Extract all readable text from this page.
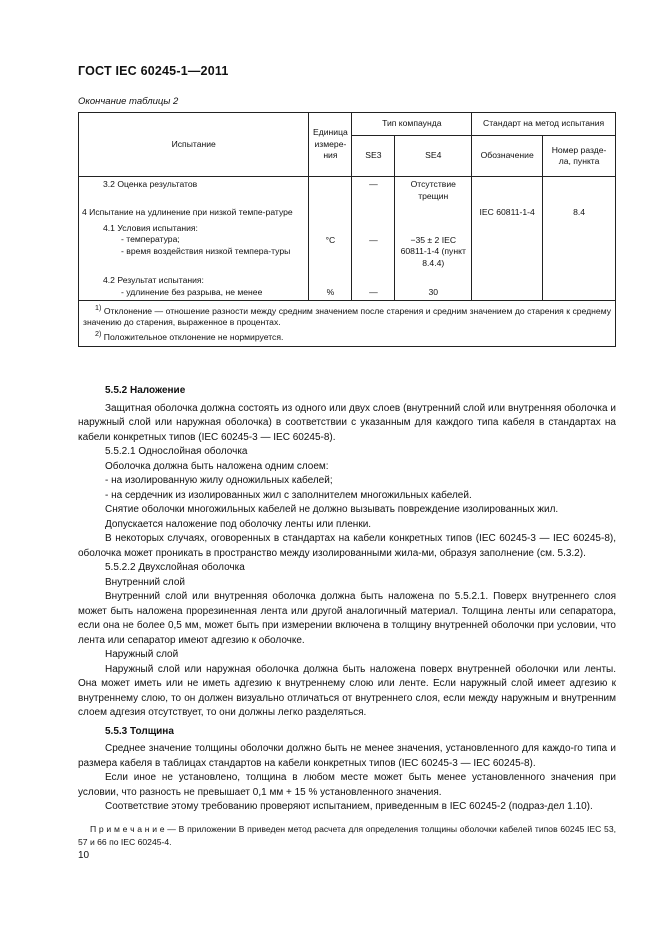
ГОСТ IEC 60245-1—2011
Окончание таблицы 2
Испытание	Единица измере-ния	Тип компаунда		Стандарт на метод испытания	
		SE3	SE4	Обозначение	Номер разде-ла, пункта
3.2 Оценка результатов		—	Отсутствие трещин		
4 Испытание на удлинение при низкой темпе-ратуре				IEC 60811-1-4	8.4

4.1 Условия испытания:
- температура;
- время воздействия низкой темпера-туры	°C	—	−35 ± 2 IEC 60811-1-4 (пункт 8.4.4)		

4.2 Результат испытания:
- удлинение без разрыва, не менее	%	—	30		

$^{1)}$ Отклонение — отношение разности между средним значением после старения и средним значением до старения к среднему значению до старения, выраженное в процентах.
$^{2)}$ Положительное отклонение не нормируется.					

5.5.2 Наложение

Защитная оболочка должна состоять из одного или двух слоев (внутренний слой или внутренняя оболочка и наружный слой или наружная оболочка) в соответствии с указанным для каждого типа кабеля в стандартах на кабели конкретных типов (IEC 60245-3 — IEC 60245-8).

5.5.2.1 Однослойная оболочка

Оболочка должна быть наложена одним слоем:

- на изолированную жилу одножильных кабелей;

- на сердечник из изолированных жил с заполнителем многожильных кабелей.

Снятие оболочки многожильных кабелей не должно вызывать повреждение изолированных жил.

Допускается наложение под оболочку ленты или пленки.

В некоторых случаях, оговоренных в стандартах на кабели конкретных типов (IEC 60245-3 — IEC 60245-8), оболочка может проникать в пространство между изолированными жила-ми, образуя заполнение (см. 5.3.2).

5.5.2.2 Двухслойная оболочка

Внутренний слой

Внутренний слой или внутренняя оболочка должна быть наложена по 5.5.2.1. Поверх внутреннего слоя может быть наложена прорезиненная лента или другой аналогичный материал. Толщина ленты или сепаратора, если она не более 0,5 мм, может быть при измерении включена в толщину внутренней оболочки при условии, что лента или сепаратор имеют адгезию к оболочке.

Наружный слой

Наружный слой или наружная оболочка должна быть наложена поверх внутренней оболочки или ленты. Она может иметь или не иметь адгезию к внутреннему слою или ленте. Если наружный слой имеет адгезию к внутреннему слою, то он должен визуально отличаться от внутреннего слоя, если между наружным и внутренним слоем адгезия отсутствует, то они должны легко разделяться.

5.5.3 Толщина

Среднее значение толщины оболочки должно быть не менее значения, установленного для каждо-го типа и размера кабеля в таблицах стандартов на кабели конкретных типов (IEC 60245-3 — IEC 60245-8).

Если иное не установлено, толщина в любом месте может быть менее установленного значения при условии, что разность не превышает 0,1 мм + 15 % установленного значения.

Соответствие этому требованию проверяют испытанием, приведенным в IEC 60245-2 (подраз-дел 1.10).

П р и м е ч а н и е — В приложении В приведен метод расчета для определения толщины оболочки кабелей типов 60245 IEC 53, 57 и 66 по IEC 60245-4.

10
